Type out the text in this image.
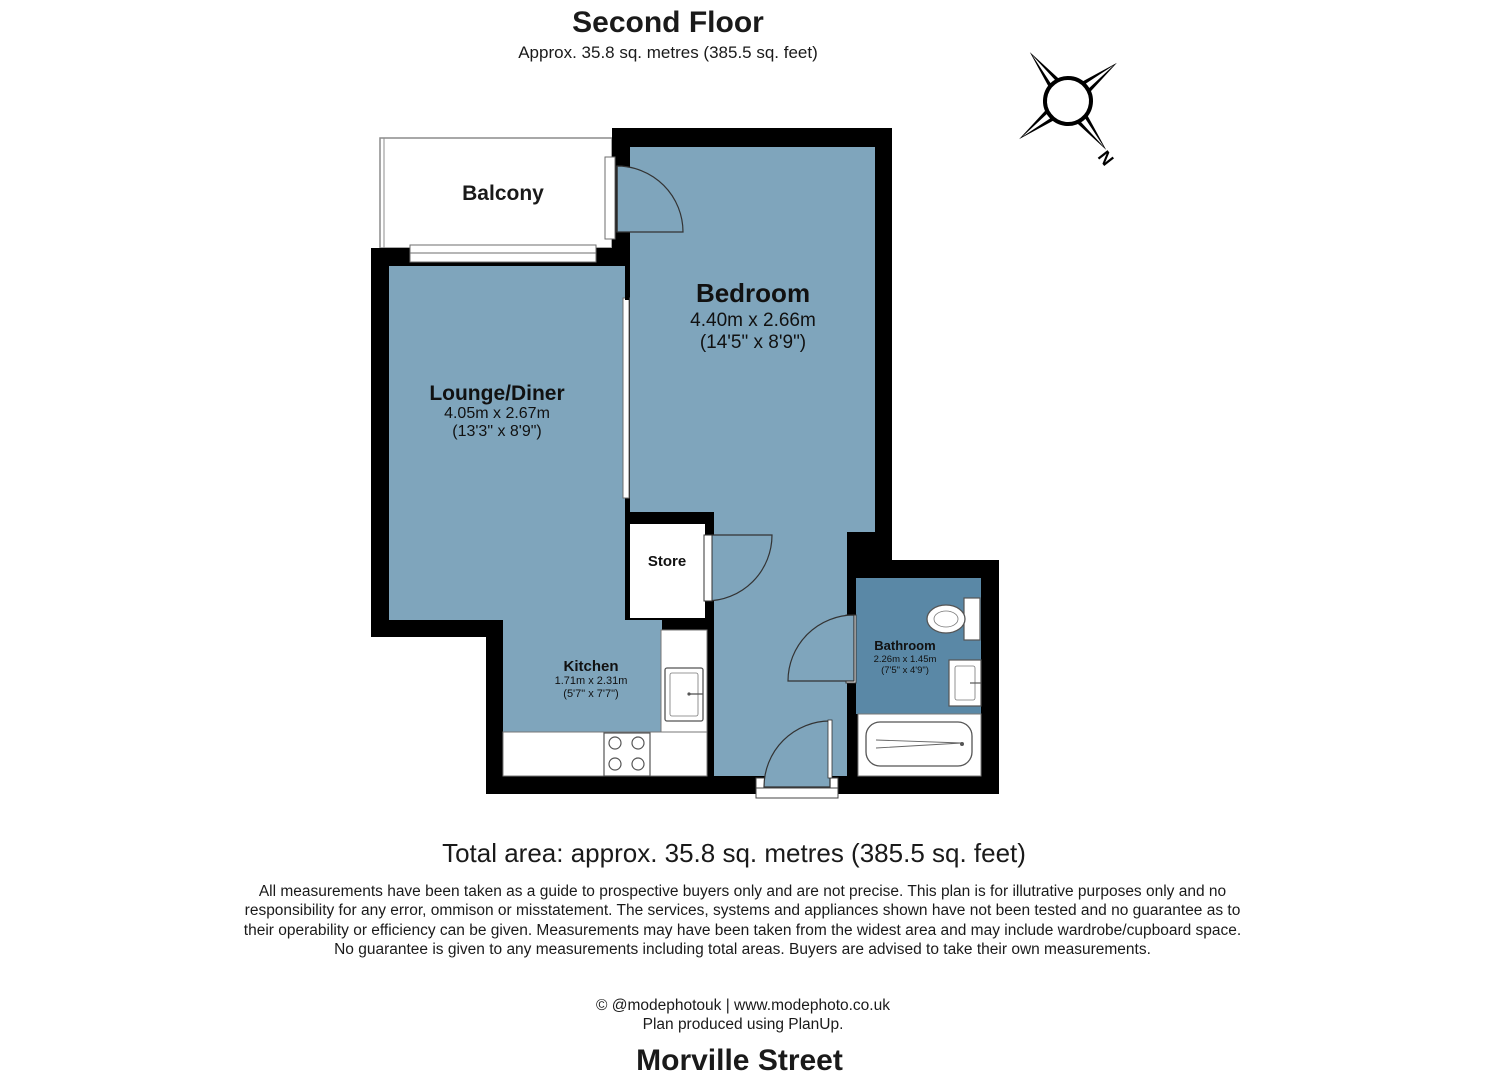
Second Floor
Approx. 35.8 sq. metres (385.5 sq. feet)
N
Balcony
Bedroom
4.40m x 2.66m
(14'5" x 8'9")
Lounge/Diner
4.05m x 2.67m
(13'3" x 8'9")
Store
Kitchen
1.71m x 2.31m
(5'7" x 7'7")
Bathroom
2.26m x 1.45m
(7'5" x 4'9")
Total area: approx. 35.8 sq. metres (385.5 sq. feet)
All measurements have been taken as a guide to prospective buyers only and are not precise. This plan is for illutrative purposes only and no responsibility for any error, ommison or misstatement. The services, systems and appliances shown have not been tested and no guarantee as to their operability or efficiency can be given. Measurements may have been taken from the widest area and may include wardrobe/cupboard space. No guarantee is given to any measurements including total areas. Buyers are advised to take their own measurements.
© @modephotouk | www.modephoto.co.uk
Plan produced using PlanUp.
Morville Street
